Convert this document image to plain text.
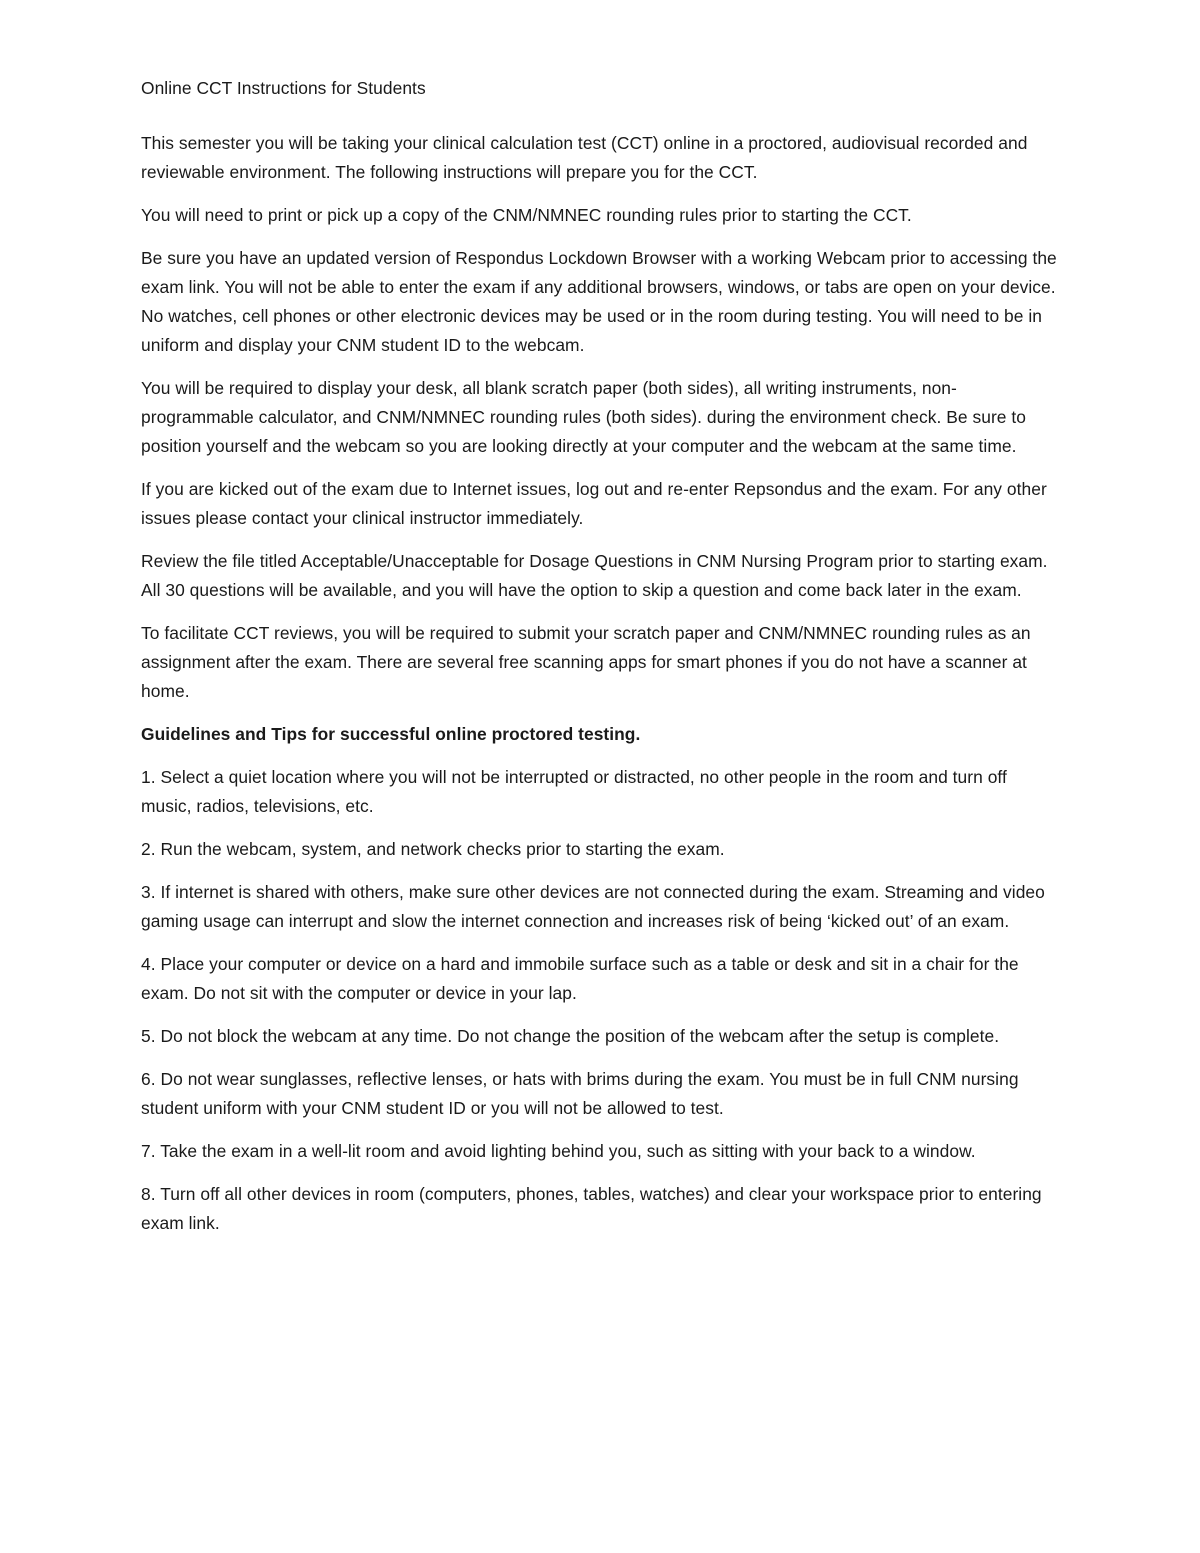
Online CCT Instructions for Students

This semester you will be taking your clinical calculation test (CCT) online in a proctored, audiovisual recorded and reviewable environment. The following instructions will prepare you for the CCT.

You will need to print or pick up a copy of the CNM/NMNEC rounding rules prior to starting the CCT.

Be sure you have an updated version of Respondus Lockdown Browser with a working Webcam prior to accessing the exam link. You will not be able to enter the exam if any additional browsers, windows, or tabs are open on your device. No watches, cell phones or other electronic devices may be used or in the room during testing. You will need to be in uniform and display your CNM student ID to the webcam.

You will be required to display your desk, all blank scratch paper (both sides), all writing instruments, non-programmable calculator, and CNM/NMNEC rounding rules (both sides). during the environment check. Be sure to position yourself and the webcam so you are looking directly at your computer and the webcam at the same time.

If you are kicked out of the exam due to Internet issues, log out and re-enter Repsondus and the exam. For any other issues please contact your clinical instructor immediately.

Review the file titled Acceptable/Unacceptable for Dosage Questions in CNM Nursing Program prior to starting exam. All 30 questions will be available, and you will have the option to skip a question and come back later in the exam.

To facilitate CCT reviews, you will be required to submit your scratch paper and CNM/NMNEC rounding rules as an assignment after the exam. There are several free scanning apps for smart phones if you do not have a scanner at home.

Guidelines and Tips for successful online proctored testing.

1. Select a quiet location where you will not be interrupted or distracted, no other people in the room and turn off music, radios, televisions, etc.

2. Run the webcam, system, and network checks prior to starting the exam.

3. If internet is shared with others, make sure other devices are not connected during the exam. Streaming and video gaming usage can interrupt and slow the internet connection and increases risk of being ‘kicked out’ of an exam.

4. Place your computer or device on a hard and immobile surface such as a table or desk and sit in a chair for the exam. Do not sit with the computer or device in your lap.

5. Do not block the webcam at any time. Do not change the position of the webcam after the setup is complete.

6. Do not wear sunglasses, reflective lenses, or hats with brims during the exam. You must be in full CNM nursing student uniform with your CNM student ID or you will not be allowed to test.

7. Take the exam in a well-lit room and avoid lighting behind you, such as sitting with your back to a window.

8. Turn off all other devices in room (computers, phones, tables, watches) and clear your workspace prior to entering exam link.
